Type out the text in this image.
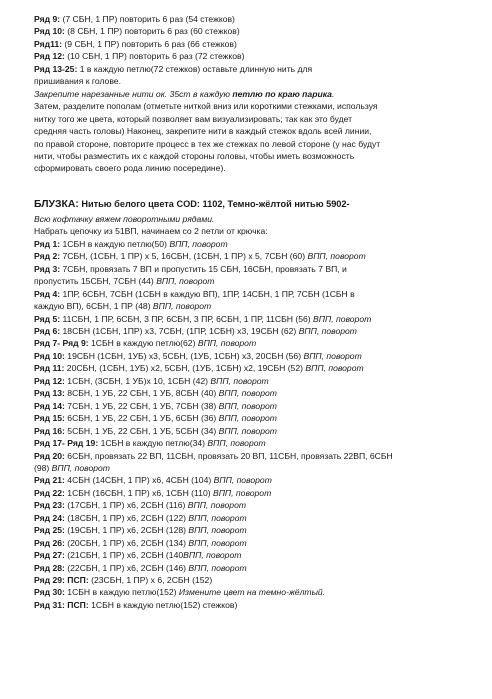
Ряд 9: (7 СБН, 1 ПР) повторить 6 раз (54 стежков)
Ряд 10: (8 СБН, 1 ПР) повторить 6 раз (60 стежков)
Ряд11: (9 СБН, 1 ПР) повторить 6 раз (66 стежков)
Ряд 12: (10 СБН, 1 ПР) повторить 6 раз (72 стежков)
Ряд 13-25: 1 в каждую петлю(72 стежков) оставьте длинную нить для
пришивания к голове.
Закрепите нарезанные нити ок. 35ст в каждую петлю по краю парика.
Затем, разделите пополам (отметьте ниткой вниз или короткими стежками, используя
нитку того же цвета, который позволяет вам визуализировать; так как это будет
средняя часть головы) Наконец, закрепите нити в каждый стежок вдоль всей линии,
по правой стороне, повторите процесс в тех же стежках по левой стороне (у нас будут
нити, чтобы разместить их с каждой стороны головы, чтобы иметь возможность
сформировать своего рода линию посередине).
БЛУЗКА: Нитью белого цвета COD: 1102, Темно-жёлтой нитью 5902-
Всю кофтачку вяжем поворотными рядами.
Набрать цепочку из 51ВП, начинаем со 2 петли от крючка:
Ряд 1: 1СБН в каждую петлю(50) ВПП, поворот
Ряд 2: 7СБН, (1СБН, 1 ПР) х 5, 16СБН, (1СБН, 1 ПР) х 5, 7СБН (60) ВПП, поворот
Ряд 3: 7СБН, провязать 7 ВП и пропустить 15 СБН, 16СБН, провязать 7 ВП, и
пропустить 15СБН, 7СБН (44) ВПП, поворот
Ряд 4: 1ПР, 6СБН, 7СБН (1СБН в каждую ВП), 1ПР, 14СБН, 1 ПР, 7СБН (1СБН в
каждую ВП), 6СБН, 1 ПР (48) ВПП, поворот
Ряд 5: 11СБН, 1 ПР, 6СБН, 3 ПР, 6СБН, 3 ПР, 6СБН, 1 ПР, 11СБН (56) ВПП, поворот
Ряд 6: 18СБН (1СБН, 1ПР) х3, 7СБН, (1ПР, 1СБН) х3, 19СБН (62) ВПП, поворот
Ряд 7- Ряд 9: 1СБН в каждую петлю(62) ВПП, поворот
Ряд 10: 19СБН (1СБН, 1УБ) х3, 5СБН, (1УБ, 1СБН) х3, 20СБН (56) ВПП, поворот
Ряд 11: 20СБН, (1СБН, 1УБ) х2, 5СБН, (1УБ, 1СБН) х2, 19СБН (52) ВПП, поворот
Ряд 12: 1СБН, (3СБН, 1 УБ)х 10, 1СБН (42) ВПП, поворот
Ряд 13: 8СБН, 1 УБ, 22 СБН, 1 УБ, 8СБН (40) ВПП, поворот
Ряд 14: 7СБН, 1 УБ, 22 СБН, 1 УБ, 7СБН (38) ВПП, поворот
Ряд 15: 6СБН, 1 УБ, 22 СБН, 1 УБ, 6СБН (36) ВПП, поворот
Ряд 16: 5СБН, 1 УБ, 22 СБН, 1 УБ, 5СБН (34) ВПП, поворот
Ряд 17- Ряд 19: 1СБН в каждую петлю(34) ВПП, поворот
Ряд 20: 6СБН, провязать 22 ВП, 11СБН, провязать 20 ВП, 11СБН, провязать 22ВП, 6СБН
(98) ВПП, поворот
Ряд 21: 4СБН (14СБН, 1 ПР) х6, 4СБН (104) ВПП, поворот
Ряд 22: 1СБН (16СБН, 1 ПР) х6, 1СБН (110) ВПП, поворот
Ряд 23: (17СБН, 1 ПР) х6, 2СБН (116) ВПП, поворот
Ряд 24: (18СБН, 1 ПР) х6, 2СБН (122) ВПП, поворот
Ряд 25: (19СБН, 1 ПР) х6, 2СБН (128) ВПП, поворот
Ряд 26: (20СБН, 1 ПР) х6, 2СБН (134) ВПП, поворот
Ряд 27: (21СБН, 1 ПР) х6, 2СБН (140ВПП, поворот
Ряд 28: (22СБН, 1 ПР) х6, 2СБН (146) ВПП, поворот
Ряд 29: ПСП: (23СБН, 1 ПР) х 6, 2СБН (152)
Ряд 30: 1СБН в каждую петлю(152) Измените цвет на темно-жёлтый.
Ряд 31: ПСП: 1СБН в каждую петлю(152) стежков)
